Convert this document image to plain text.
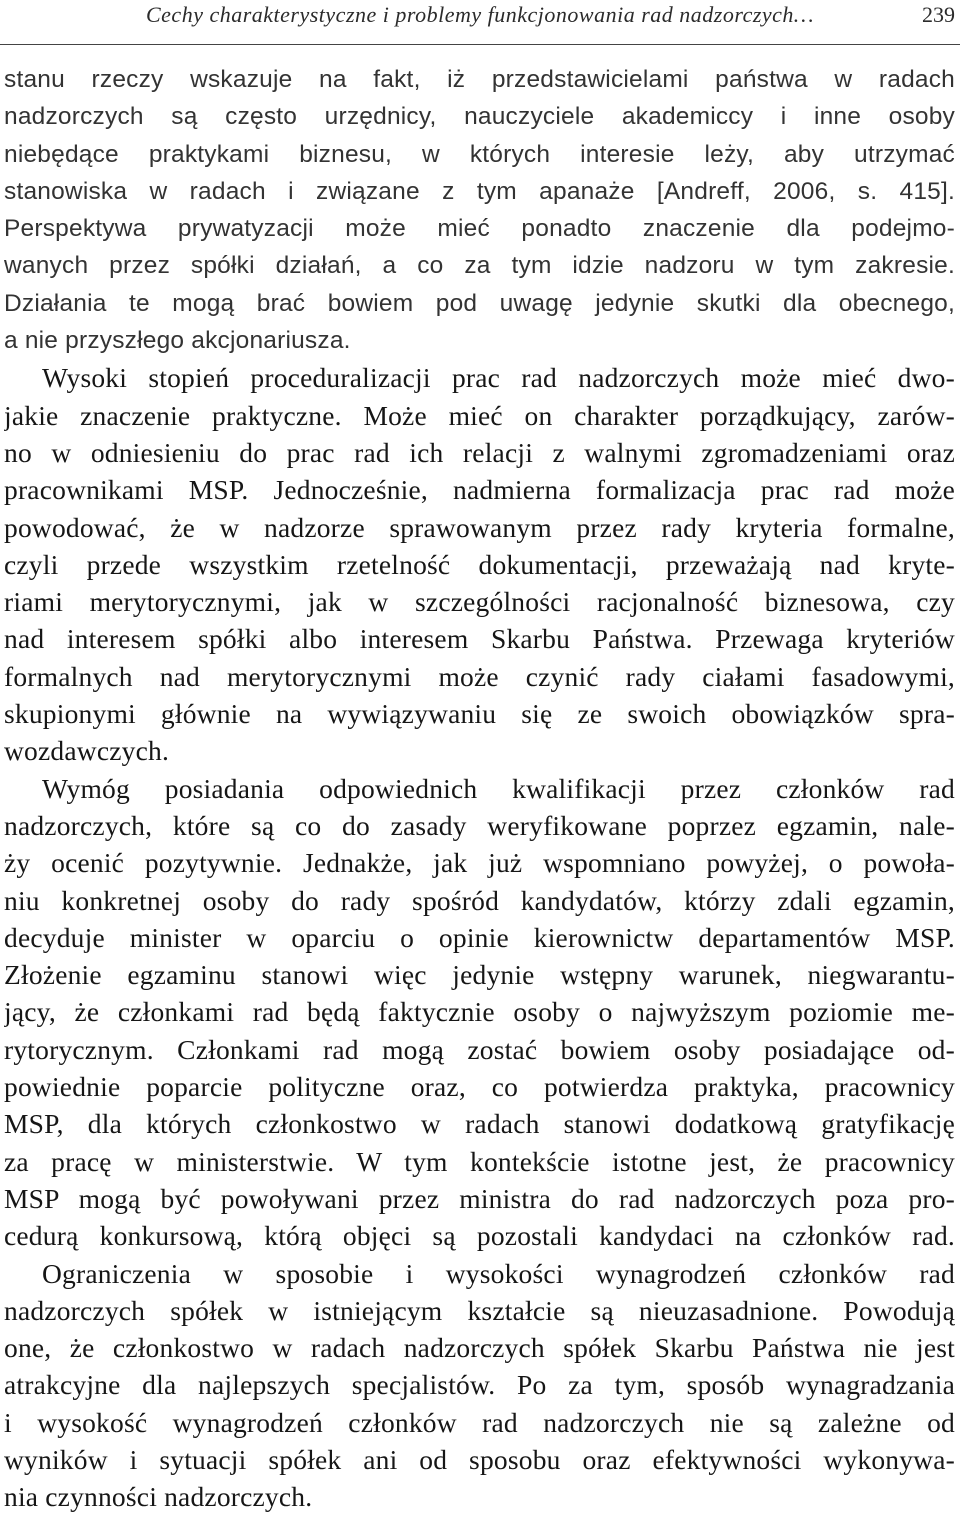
Cechy charakterystyczne i problemy funkcjonowania rad nadzorczych…	239
stanu rzeczy wskazuje na fakt, iż przedstawicielami państwa w radach
nadzorczych są często urzędnicy, nauczyciele akademiccy i inne osoby
niebędące praktykami biznesu, w których interesie leży, aby utrzymać
stanowiska w radach i związane z tym apanaże [Andreff, 2006, s. 415].
Perspektywa prywatyzacji może mieć ponadto znaczenie dla podejmo-
wanych przez spółki działań, a co za tym idzie nadzoru w tym zakresie.
Działania te mogą brać bowiem pod uwagę jedynie skutki dla obecnego,
a nie przyszłego akcjonariusza.
Wysoki stopień proceduralizacji prac rad nadzorczych może mieć dwo-
jakie znaczenie praktyczne. Może mieć on charakter porządkujący, zarów-
no w odniesieniu do prac rad ich relacji z walnymi zgromadzeniami oraz
pracownikami MSP. Jednocześnie, nadmierna formalizacja prac rad może
powodować, że w nadzorze sprawowanym przez rady kryteria formalne,
czyli przede wszystkim rzetelność dokumentacji, przeważają nad kryte-
riami merytorycznymi, jak w szczególności racjonalność biznesowa, czy
nad interesem spółki albo interesem Skarbu Państwa. Przewaga kryteriów
formalnych nad merytorycznymi może czynić rady ciałami fasadowymi,
skupionymi głównie na wywiązywaniu się ze swoich obowiązków spra-
wozdawczych.
Wymóg posiadania odpowiednich kwalifikacji przez członków rad
nadzorczych, które są co do zasady weryfikowane poprzez egzamin, nale-
ży ocenić pozytywnie. Jednakże, jak już wspomniano powyżej, o powoła-
niu konkretnej osoby do rady spośród kandydatów, którzy zdali egzamin,
decyduje minister w oparciu o opinie kierownictw departamentów MSP.
Złożenie egzaminu stanowi więc jedynie wstępny warunek, niegwarantu-
jący, że członkami rad będą faktycznie osoby o najwyższym poziomie me-
rytorycznym. Członkami rad mogą zostać bowiem osoby posiadające od-
powiednie poparcie polityczne oraz, co potwierdza praktyka, pracownicy
MSP, dla których członkostwo w radach stanowi dodatkową gratyfikację
za pracę w ministerstwie. W tym kontekście istotne jest, że pracownicy
MSP mogą być powoływani przez ministra do rad nadzorczych poza pro-
cedurą konkursową, którą objęci są pozostali kandydaci na członków rad.
Ograniczenia w sposobie i wysokości wynagrodzeń członków rad
nadzorczych spółek w istniejącym kształcie są nieuzasadnione. Powodują
one, że członkostwo w radach nadzorczych spółek Skarbu Państwa nie jest
atrakcyjne dla najlepszych specjalistów. Po za tym, sposób wynagradzania
i wysokość wynagrodzeń członków rad nadzorczych nie są zależne od
wyników i sytuacji spółek ani od sposobu oraz efektywności wykonywa-
nia czynności nadzorczych.
